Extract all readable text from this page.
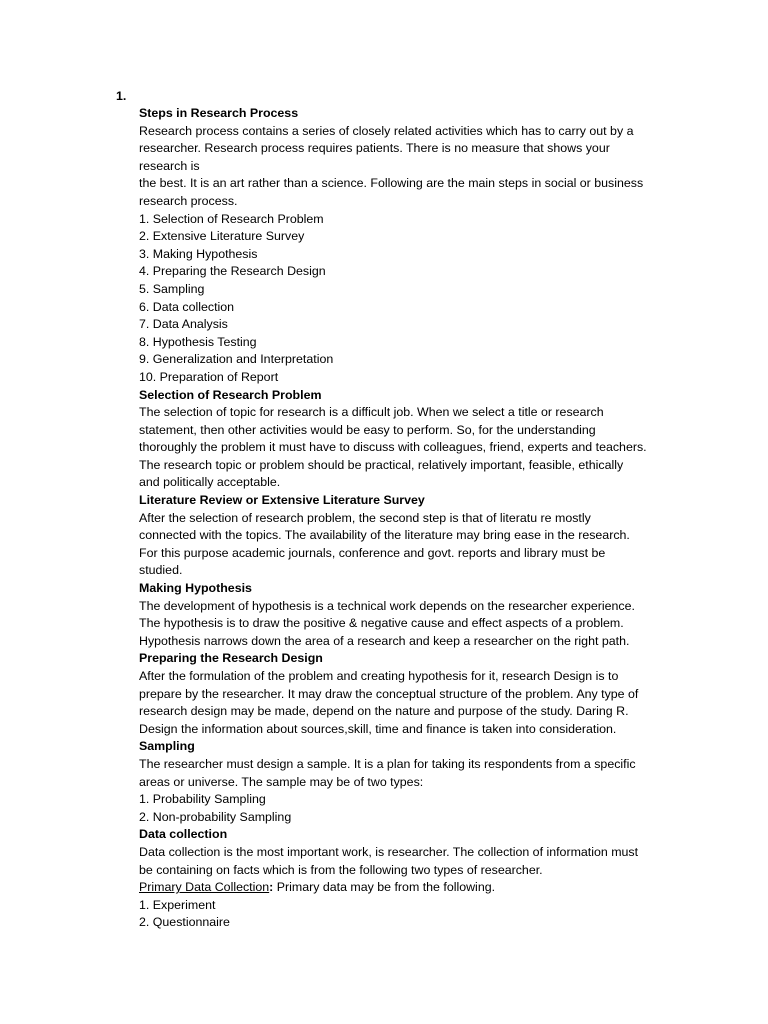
1.
Steps in Research Process
Research process contains a series of closely related activities which has to carry out by a
researcher. Research process requires patients. There is no measure that shows your
research is
the best. It is an art rather than a science. Following are the main steps in social or business
research process.
1. Selection of Research Problem
2. Extensive Literature Survey
3. Making Hypothesis
4. Preparing the Research Design
5. Sampling
6. Data collection
7. Data Analysis
8. Hypothesis Testing
9. Generalization and Interpretation
10. Preparation of Report
Selection of Research Problem
The selection of topic for research is a difficult job. When we select a title or research
statement, then other activities would be easy to perform. So, for the understanding
thoroughly the problem it must have to discuss with colleagues, friend, experts and teachers.
The research topic or problem should be practical, relatively important, feasible, ethically
and politically acceptable.
Literature Review or Extensive Literature Survey
After the selection of research problem, the second step is that of literatu re mostly
connected with the topics. The availability of the literature may bring ease in the research.
For this purpose academic journals, conference and govt. reports and library must be
studied.
Making Hypothesis
The development of hypothesis is a technical work depends on the researcher experience.
The hypothesis is to draw the positive & negative cause and effect aspects of a problem.
Hypothesis narrows down the area of a research and keep a researcher on the right path.
Preparing the Research Design
After the formulation of the problem and creating hypothesis for it, research Design is to
prepare by the researcher. It may draw the conceptual structure of the problem. Any type of
research design may be made, depend on the nature and purpose of the study. Daring R.
Design the information about sources,skill, time and finance is taken into consideration.
Sampling
The researcher must design a sample. It is a plan for taking its respondents from a specific
areas or universe. The sample may be of two types:
1. Probability Sampling
2. Non-probability Sampling
Data collection
Data collection is the most important work, is researcher. The collection of information must
be containing on facts which is from the following two types of researcher.
Primary Data Collection: Primary data may be from the following.
1. Experiment
2. Questionnaire
